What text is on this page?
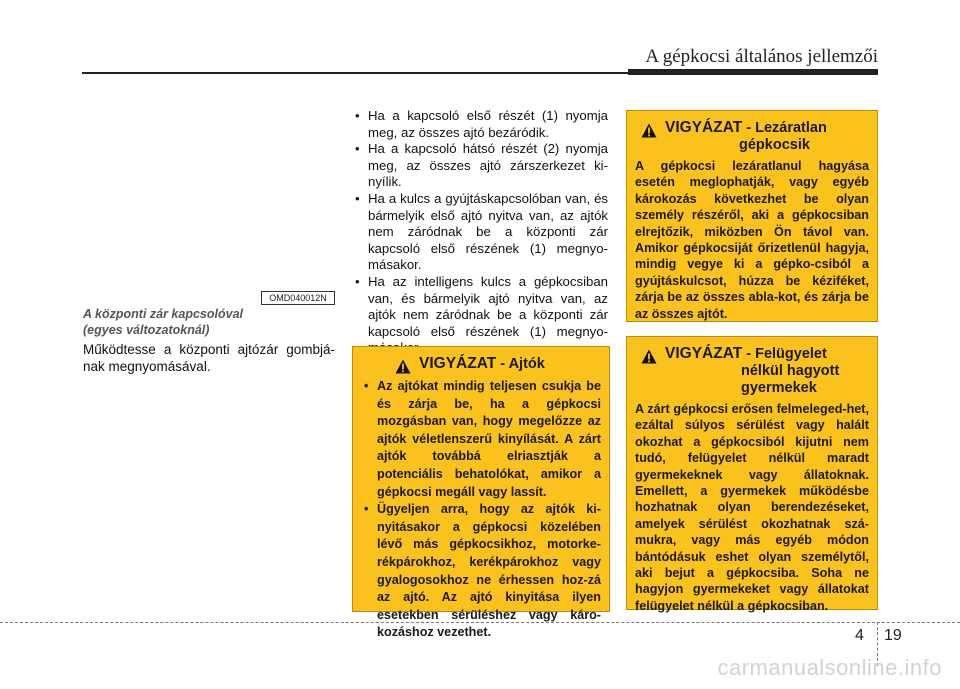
A gépkocsi általános jellemzői
OMD040012N
A központi zár kapcsolóval
(egyes változatoknál)
Működtesse a központi ajtózár gombjá-nak megnyomásával.
• Ha a kapcsoló első részét (1) nyomja meg, az összes ajtó bezáródik.
• Ha a kapcsoló hátsó részét (2) nyomja meg, az összes ajtó zárszerkezet ki-nyílik.
• Ha a kulcs a gyújtáskapcsolóban van, és bármelyik első ajtó nyitva van, az ajtók nem záródnak be a központi zár kapcsoló első részének (1) megnyo-másakor.
• Ha az intelligens kulcs a gépkocsiban van, és bármelyik ajtó nyitva van, az ajtók nem záródnak be a központi zár kapcsoló első részének (1) megnyo-
VIGYÁZAT - Ajtók
• Az ajtókat mindig teljesen csukja be és zárja be, ha a gépkocsi mozgásban van, hogy megelőzze az ajtók véletlenszerű kinyílását. A zárt ajtók továbbá elriasztják a potenciális behatolókat, amikor a gépkocsi megáll vagy lassít.
• Ügyeljen arra, hogy az ajtók ki-nyitásakor a gépkocsi közelében lévő más gépkocsikhoz, motorke-rékpárokhoz, kerékpárokhoz vagy gyalogosokhoz ne érhessen hoz-zá az ajtó. Az ajtó kinyitása ilyen esetekben sérüléshez vagy káro-kozáshoz vezethet.
VIGYÁZAT - Lezáratlan
gépkocsik
A gépkocsi lezáratlanul hagyása esetén meglophatják, vagy egyéb károkozás következhet be olyan személy részéről, aki a gépkocsiban elrejtőzik, miközben Ön távol van. Amikor gépkocsiját őrizetlenül hagyja, mindig vegye ki a gépko-csiból a gyújtáskulcsot, húzza be kéziféket, zárja be az összes abla-kot, és zárja be az összes ajtót.
VIGYÁZAT - Felügyelet
nélkül hagyott
gyermekek
A zárt gépkocsi erősen felmeleged-het, ezáltal súlyos sérülést vagy halált okozhat a gépkocsiból kijutni nem tudó, felügyelet nélkül maradt gyermekeknek vagy állatoknak. Emellett, a gyermekek működésbe hozhatnak olyan berendezéseket, amelyek sérülést okozhatnak szá-mukra, vagy más egyéb módon bántódásuk eshet olyan személytől, aki bejut a gépkocsiba. Soha ne hagyjon gyermekeket vagy állatokat felügyelet nélkül a gépkocsiban.
4 19
carmanualsonline.info
